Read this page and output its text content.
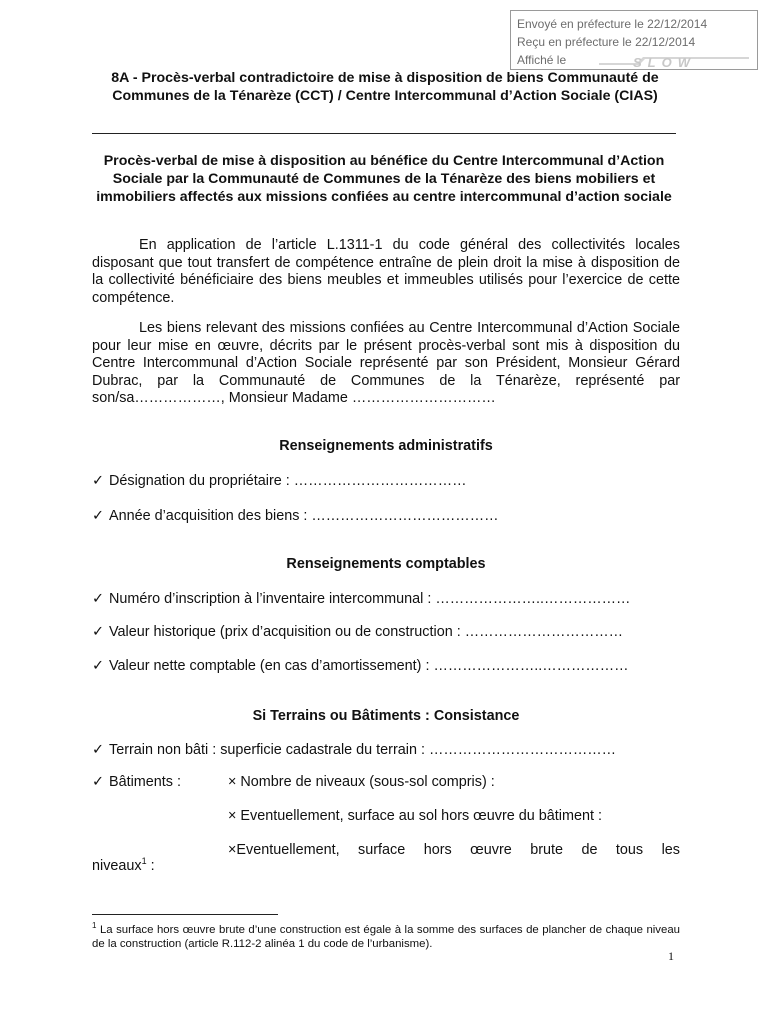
Envoyé en préfecture le 22/12/2014
Reçu en préfecture le 22/12/2014
Affiché le	SLOW
8A - Procès-verbal contradictoire de mise à disposition de biens Communauté de Communes de la Ténarèze (CCT) / Centre Intercommunal d’Action Sociale (CIAS)
Procès-verbal de mise à disposition au bénéfice du Centre Intercommunal d’Action Sociale par la Communauté de Communes de la Ténarèze des biens mobiliers et immobiliers affectés aux missions confiées au centre intercommunal d’action sociale
En application de l’article L.1311-1 du code général des collectivités locales disposant que tout transfert de compétence entraîne de plein droit la mise à disposition de la collectivité bénéficiaire des biens meubles et immeubles utilisés pour l’exercice de cette compétence.
Les biens relevant des missions confiées au Centre Intercommunal d’Action Sociale pour leur mise en œuvre, décrits par le présent procès-verbal sont mis à disposition du Centre Intercommunal d’Action Sociale représenté par son Président, Monsieur Gérard Dubrac, par la Communauté de Communes de la Ténarèze, représenté par son/sa………………, Monsieur Madame …………………………
Renseignements administratifs
✓ Désignation du propriétaire : ………………………………
✓ Année d’acquisition des biens : …………………………………
Renseignements comptables
✓ Numéro d’inscription à l’inventaire intercommunal : …………………..………………
✓ Valeur historique (prix d’acquisition ou de construction : ……………………………
✓ Valeur nette comptable (en cas d’amortissement) : …………………..………………
Si Terrains ou Bâtiments : Consistance
✓ Terrain non bâti : superficie cadastrale du terrain : …………………………………
✓ Bâtiments :	× Nombre de niveaux (sous-sol compris) :
× Eventuellement, surface au sol hors œuvre du bâtiment :
×Eventuellement, surface hors œuvre brute de tous les
niveaux$^1$ :
$^1$ La surface hors œuvre brute d’une construction est égale à la somme des surfaces de plancher de chaque niveau de la construction (article R.112-2 alinéa 1 du code de l’urbanisme).
1
